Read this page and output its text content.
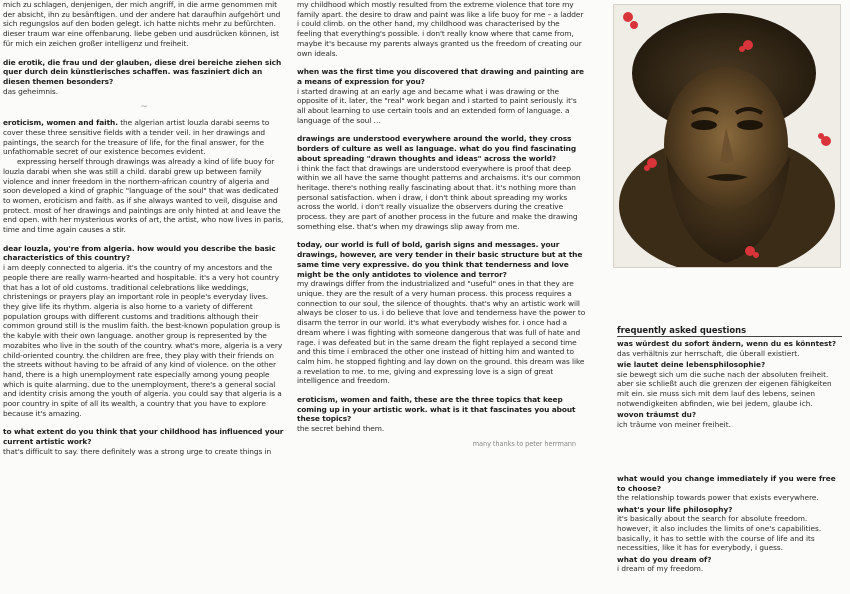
mich zu schlagen, denjenigen, der mich angriff, in die arme genommen mit der absicht, ihn zu besänftigen. und der andere hat daraufhin aufgehört und sich regungslos auf den boden gelegt. ich hatte nichts mehr zu befürchten. dieser traum war eine offenbarung. liebe geben und ausdrücken können, ist für mich ein zeichen großer intelligenz und freiheit.

die erotik, die frau und der glauben, diese drei bereiche ziehen sich quer durch dein künstlerisches schaffen. was fasziniert dich an diesen themen besonders?

das geheimnis.

~

eroticism, women and faith. the algerian artist louzla darabi seems to cover these three sensitive fields with a tender veil. in her drawings and paintings, the search for the treasure of life, for the final answer, for the unfathomable secret of our existence becomes evident.

expressing herself through drawings was already a kind of life buoy for louzla darabi when she was still a child. darabi grew up between family violence and inner freedom in the northern-african country of algeria and soon developed a kind of graphic "language of the soul" that was dedicated to women, eroticism and faith. as if she always wanted to veil, disguise and protect. most of her drawings and paintings are only hinted at and leave the end open. with her mysterious works of art, the artist, who now lives in paris, time and time again causes a stir.

dear louzla, you're from algeria. how would you describe the basic characteristics of this country?

i am deeply connected to algeria. it's the country of my ancestors and the people there are really warm-hearted and hospitable. it's a very hot country that has a lot of old customs. traditional celebrations like weddings, christenings or prayers play an important role in people's everyday lives. they give life its rhythm. algeria is also home to a variety of different population groups with different customs and traditions although their common ground still is the muslim faith. the best-known population group is the kabyle with their own language. another group is represented by the mozabites who live in the south of the country. what's more, algeria is a very child-oriented country. the children are free, they play with their friends on the streets without having to be afraid of any kind of violence. on the other hand, there is a high unemployment rate especially among young people which is quite alarming. due to the unemployment, there's a general social and identity crisis among the youth of algeria. you could say that algeria is a poor country in spite of all its wealth, a country that you have to explore because it's amazing.

to what extent do you think that your childhood has influenced your current artistic work?

that's difficult to say. there definitely was a strong urge to create things in

my childhood which mostly resulted from the extreme violence that tore my family apart. the desire to draw and paint was like a life buoy for me – a ladder i could climb. on the other hand, my childhood was characterised by the feeling that everything's possible. i don't really know where that came from, maybe it's because my parents always granted us the freedom of creating our own ideals.

when was the first time you discovered that drawing and painting are a means of expression for you?

i started drawing at an early age and became what i was drawing or the opposite of it. later, the "real" work began and i started to paint seriously. it's all about learning to use certain tools and an extended form of language. a language of the soul …

drawings are understood everywhere around the world, they cross borders of culture as well as language. what do you find fascinating about spreading "drawn thoughts and ideas" across the world?

i think the fact that drawings are understood everywhere is proof that deep within we all have the same thought patterns and archaisms. it's our common heritage. there's nothing really fascinating about that. it's nothing more than personal satisfaction. when i draw, i don't think about spreading my works across the world. i don't really visualize the observers during the creative process. they are part of another process in the future and make the drawing something else. that's when my drawings slip away from me.

today, our world is full of bold, garish signs and messages. your drawings, however, are very tender in their basic structure but at the same time very expressive. do you think that tenderness and love might be the only antidotes to violence and terror?

my drawings differ from the industrialized and "useful" ones in that they are unique. they are the result of a very human process. this process requires a connection to our soul, the silence of thoughts. that's why an artistic work will always be closer to us. i do believe that love and tenderness have the power to disarm the terror in our world. it's what everybody wishes for. i once had a dream where i was fighting with someone dangerous that was full of hate and rage. i was defeated but in the same dream the fight replayed a second time and this time i embraced the other one instead of hitting him and wanted to calm him. he stopped fighting and lay down on the ground. this dream was like a revelation to me. to me, giving and expressing love is a sign of great intelligence and freedom.

eroticism, women and faith, these are the three topics that keep coming up in your artistic work. what is it that fascinates you about these topics?

the secret behind them.

many thanks to peter herrmann
frequently asked questions

was würdest du sofort ändern, wenn du es könntest?
das verhältnis zur herrschaft, die überall existiert.

wie lautet deine lebensphilosophie?
sie bewegt sich um die suche nach der absoluten freiheit. aber sie schließt auch die grenzen der eigenen fähigkeiten mit ein. sie muss sich mit dem lauf des lebens, seinen notwendigkeiten abfinden, wie bei jedem, glaube ich.

wovon träumst du?
ich träume von meiner freiheit.

what would you change immediately if you were free to choose?
the relationship towards power that exists everywhere.

what's your life philosophy?
it's basically about the search for absolute freedom. however, it also includes the limits of one's capabilities. basically, it has to settle with the course of life and its necessities, like it has for everybody, i guess.

what do you dream of?
i dream of my freedom.
